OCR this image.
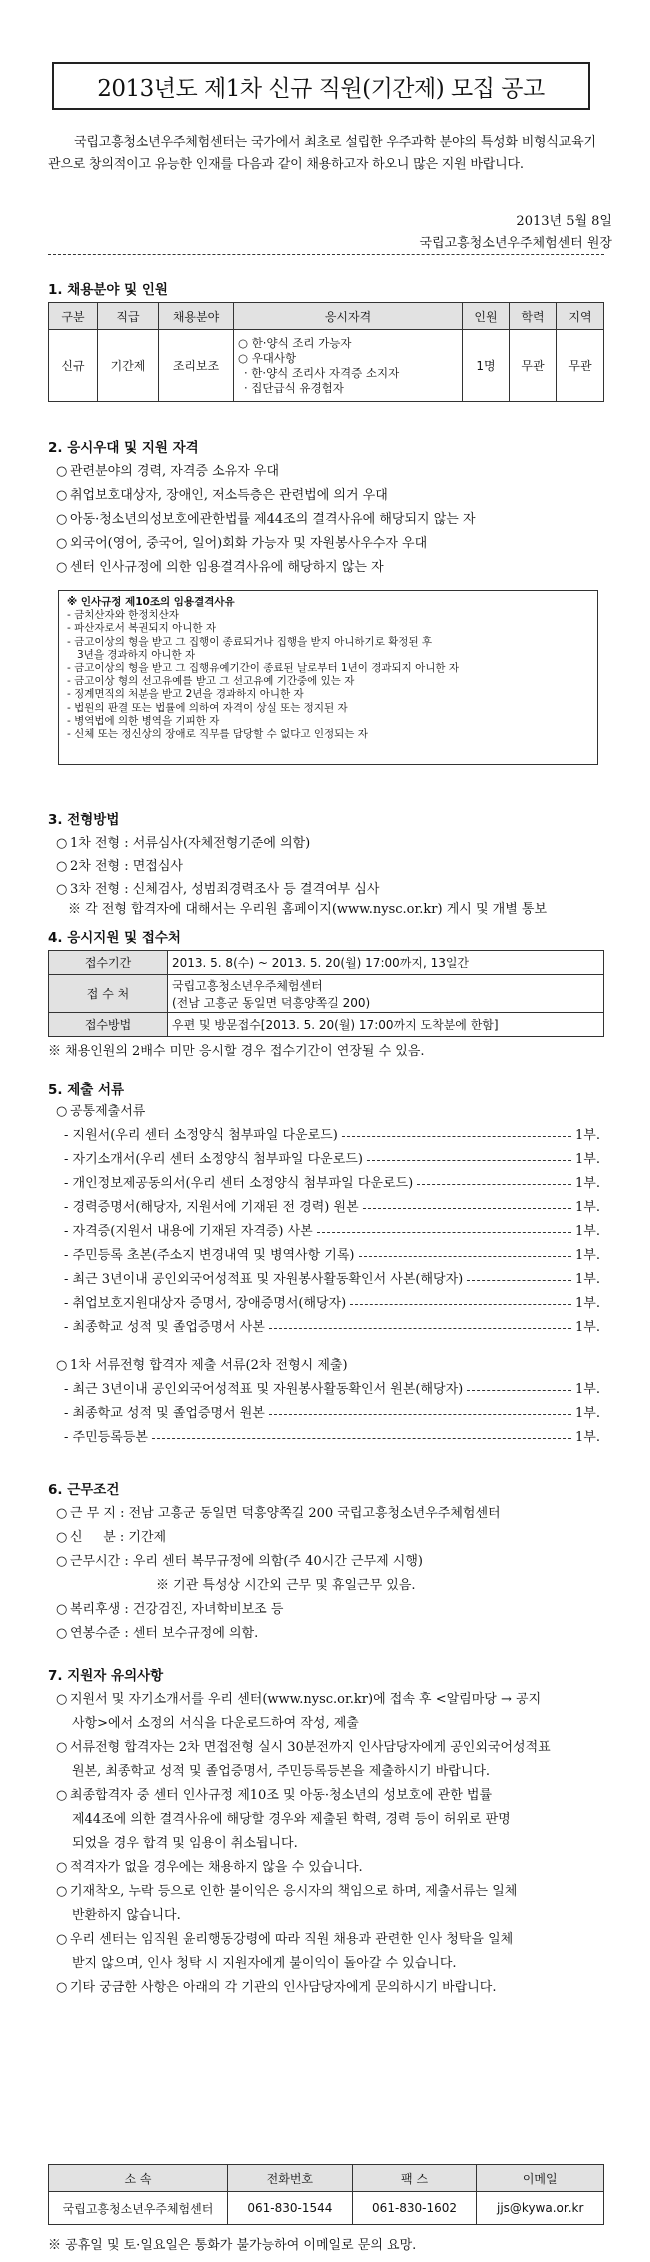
2013년도 제1차 신규 직원(기간제) 모집 공고
국립고흥청소년우주체험센터는 국가에서 최초로 설립한 우주과학 분야의 특성화 비형식교육기관으로 창의적이고 유능한 인재를 다음과 같이 채용하고자 하오니 많은 지원 바랍니다.
2013년 5월 8일
국립고흥청소년우주체험센터 원장
1. 채용분야 및 인원
구분	직급	채용분야	응시자격	인원	학력	지역
신규	기간제	조리보조	○ 한·양식 조리 가능자
○ 우대사항
· 한·양식 조리사 자격증 소지자
· 집단급식 유경험자	1명	무관	무관
2. 응시우대 및 지원 자격
○ 관련분야의 경력, 자격증 소유자 우대
○ 취업보호대상자, 장애인, 저소득층은 관련법에 의거 우대
○ 아동·청소년의성보호에관한법률 제44조의 결격사유에 해당되지 않는 자
○ 외국어(영어, 중국어, 일어)회화 가능자 및 자원봉사우수자 우대
○ 센터 인사규정에 의한 임용결격사유에 해당하지 않는 자
※ 인사규정 제10조의 임용결격사유
- 금치산자와 한정치산자
- 파산자로서 복권되지 아니한 자
- 금고이상의 형을 받고 그 집행이 종료되거나 집행을 받지 아니하기로 확정된 후
3년을 경과하지 아니한 자
- 금고이상의 형을 받고 그 집행유예기간이 종료된 날로부터 1년이 경과되지 아니한 자
- 금고이상 형의 선고유예를 받고 그 선고유예 기간중에 있는 자
- 징계면직의 처분을 받고 2년을 경과하지 아니한 자
- 법원의 판결 또는 법률에 의하여 자격이 상실 또는 정지된 자
- 병역법에 의한 병역을 기피한 자
- 신체 또는 정신상의 장애로 직무를 담당할 수 없다고 인정되는 자
3. 전형방법
○ 1차 전형 : 서류심사(자체전형기준에 의함)
○ 2차 전형 : 면접심사
○ 3차 전형 : 신체검사, 성범죄경력조사 등 결격여부 심사
※ 각 전형 합격자에 대해서는 우리원 홈페이지(www.nysc.or.kr) 게시 및 개별 통보
4. 응시지원 및 접수처
접수기간	2013. 5. 8(수) ~ 2013. 5. 20(월) 17:00까지, 13일간
접 수 처	국립고흥청소년우주체험센터
(전남 고흥군 동일면 덕흥양쪽길 200)

접수방법	우편 및 방문접수[2013. 5. 20(월) 17:00까지 도착분에 한함]
※ 채용인원의 2배수 미만 응시할 경우 접수기간이 연장될 수 있음.
5. 제출 서류
○ 공통제출서류
- 지원서(우리 센터 소정양식 첨부파일 다운로드)	1부.
- 자기소개서(우리 센터 소정양식 첨부파일 다운로드)	1부.
- 개인정보제공동의서(우리 센터 소정양식 첨부파일 다운로드)	1부.
- 경력증명서(해당자, 지원서에 기재된 전 경력) 원본	1부.
- 자격증(지원서 내용에 기재된 자격증) 사본	1부.
- 주민등록 초본(주소지 변경내역 및 병역사항 기록)	1부.
- 최근 3년이내 공인외국어성적표 및 자원봉사활동확인서 사본(해당자)	1부.
- 취업보호지원대상자 증명서, 장애증명서(해당자)	1부.
- 최종학교 성적 및 졸업증명서 사본	1부.
○ 1차 서류전형 합격자 제출 서류(2차 전형시 제출)
- 최근 3년이내 공인외국어성적표 및 자원봉사활동확인서 원본(해당자)	1부.
- 최종학교 성적 및 졸업증명서 원본	1부.
- 주민등록등본	1부.
6. 근무조건
○ 근 무 지 : 전남 고흥군 동일면 덕흥양쪽길 200 국립고흥청소년우주체험센터
○ 신     분 : 기간제
○ 근무시간 : 우리 센터 복무규정에 의함(주 40시간 근무제 시행)
※ 기관 특성상 시간외 근무 및 휴일근무 있음.
○ 복리후생 : 건강검진, 자녀학비보조 등
○ 연봉수준 : 센터 보수규정에 의함.
7. 지원자 유의사항
○ 지원서 및 자기소개서를 우리 센터(www.nysc.or.kr)에 접속 후 <알림마당 → 공지
사항>에서 소정의 서식을 다운로드하여 작성, 제출
○ 서류전형 합격자는 2차 면접전형 실시 30분전까지 인사담당자에게 공인외국어성적표
원본, 최종학교 성적 및 졸업증명서, 주민등록등본을 제출하시기 바랍니다.
○ 최종합격자 중 센터 인사규정 제10조 및 아동·청소년의 성보호에 관한 법률
제44조에 의한 결격사유에 해당할 경우와 제출된 학력, 경력 등이 허위로 판명
되었을 경우 합격 및 임용이 취소됩니다.
○ 적격자가 없을 경우에는 채용하지 않을 수 있습니다.
○ 기재착오, 누락 등으로 인한 불이익은 응시자의 책임으로 하며, 제출서류는 일체
반환하지 않습니다.
○ 우리 센터는 임직원 윤리행동강령에 따라 직원 채용과 관련한 인사 청탁을 일체
받지 않으며, 인사 청탁 시 지원자에게 불이익이 돌아갈 수 있습니다.
○ 기타 궁금한 사항은 아래의 각 기관의 인사담당자에게 문의하시기 바랍니다.
소 속	전화번호	팩 스	이메일
국립고흥청소년우주체험센터	061-830-1544	061-830-1602	jjs@kywa.or.kr
※ 공휴일 및 토·일요일은 통화가 불가능하여 이메일로 문의 요망.
